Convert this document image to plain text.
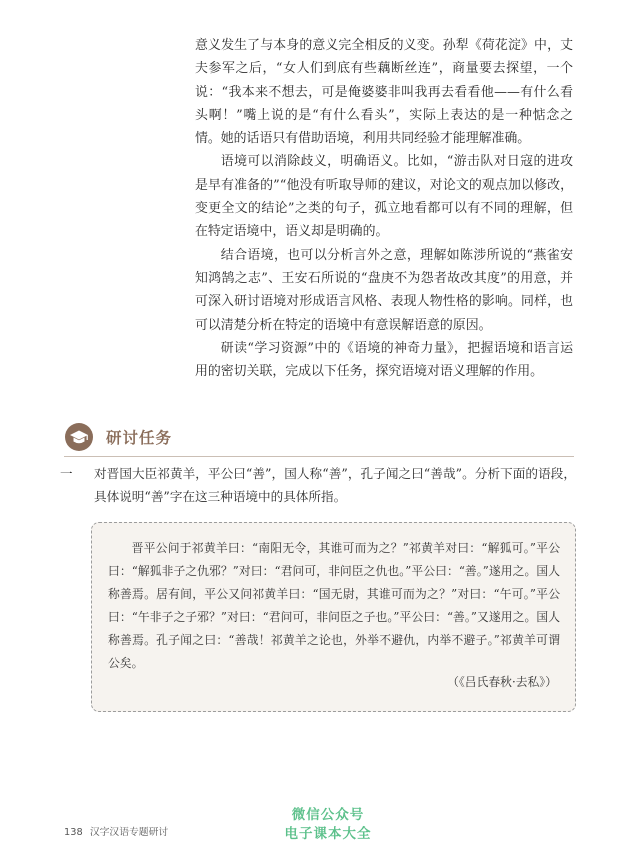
意义发生了与本身的意义完全相反的义变。孙犁《荷花淀》中，丈夫参军之后，“女人们到底有些藕断丝连”，商量要去探望，一个说：“我本来不想去，可是俺婆婆非叫我再去看看他——有什么看头啊！”嘴上说的是“有什么看头”，实际上表达的是一种惦念之情。她的话语只有借助语境，利用共同经验才能理解准确。

语境可以消除歧义，明确语义。比如，“游击队对日寇的进攻是早有准备的”“他没有听取导师的建议，对论文的观点加以修改，变更全文的结论”之类的句子，孤立地看都可以有不同的理解，但在特定语境中，语义却是明确的。

结合语境，也可以分析言外之意，理解如陈涉所说的“燕雀安知鸿鹄之志”、王安石所说的“盘庚不为怨者故改其度”的用意，并可深入研讨语境对形成语言风格、表现人物性格的影响。同样，也可以清楚分析在特定的语境中有意误解语意的原因。

研读“学习资源”中的《语境的神奇力量》，把握语境和语言运用的密切关联，完成以下任务，探究语境对语义理解的作用。

研讨任务
一 对晋国大臣祁黄羊，平公曰“善”，国人称“善”，孔子闻之曰“善哉”。分析下面的语段，具体说明“善”字在这三种语境中的具体所指。

晋平公问于祁黄羊曰：“南阳无令，其谁可而为之？”祁黄羊对曰：“解狐可。”平公曰：“解狐非子之仇邪？”对曰：“君问可，非问臣之仇也。”平公曰：“善。”遂用之。国人称善焉。居有间，平公又问祁黄羊曰：“国无尉，其谁可而为之？”对曰：“午可。”平公曰：“午非子之子邪？”对曰：“君问可，非问臣之子也。”平公曰：“善。”又遂用之。国人称善焉。孔子闻之曰：“善哉！祁黄羊之论也，外举不避仇，内举不避子。”祁黄羊可谓公矣。

（《吕氏春秋·去私》）
138 汉字汉语专题研讨
微信公众号
电子课本大全
